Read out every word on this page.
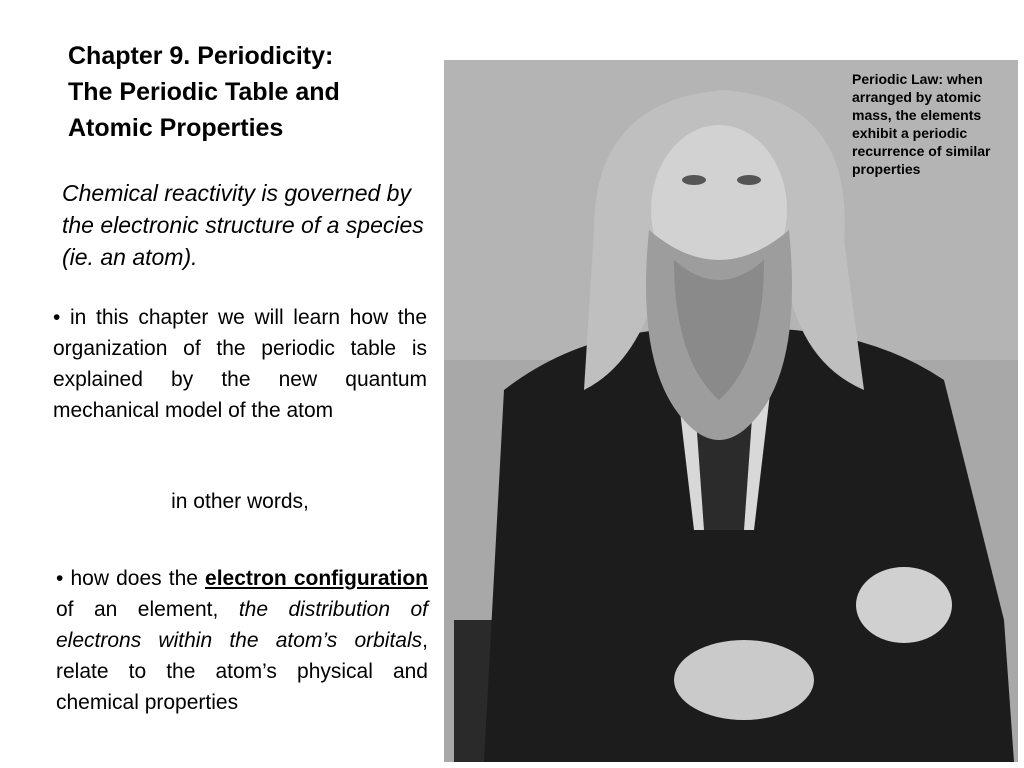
Chapter 9. Periodicity:
The Periodic Table and
Atomic Properties

Chemical reactivity is governed by the electronic structure of a species (ie. an atom).

• in this chapter we will learn how the organization of the periodic table is explained by the new quantum mechanical model of the atom

in other words,

• how does the electron configuration of an element, the distribution of electrons within the atom’s orbitals, relate to the atom’s physical and chemical properties

Periodic Law: when arranged by atomic mass, the elements exhibit a periodic recurrence of similar properties
